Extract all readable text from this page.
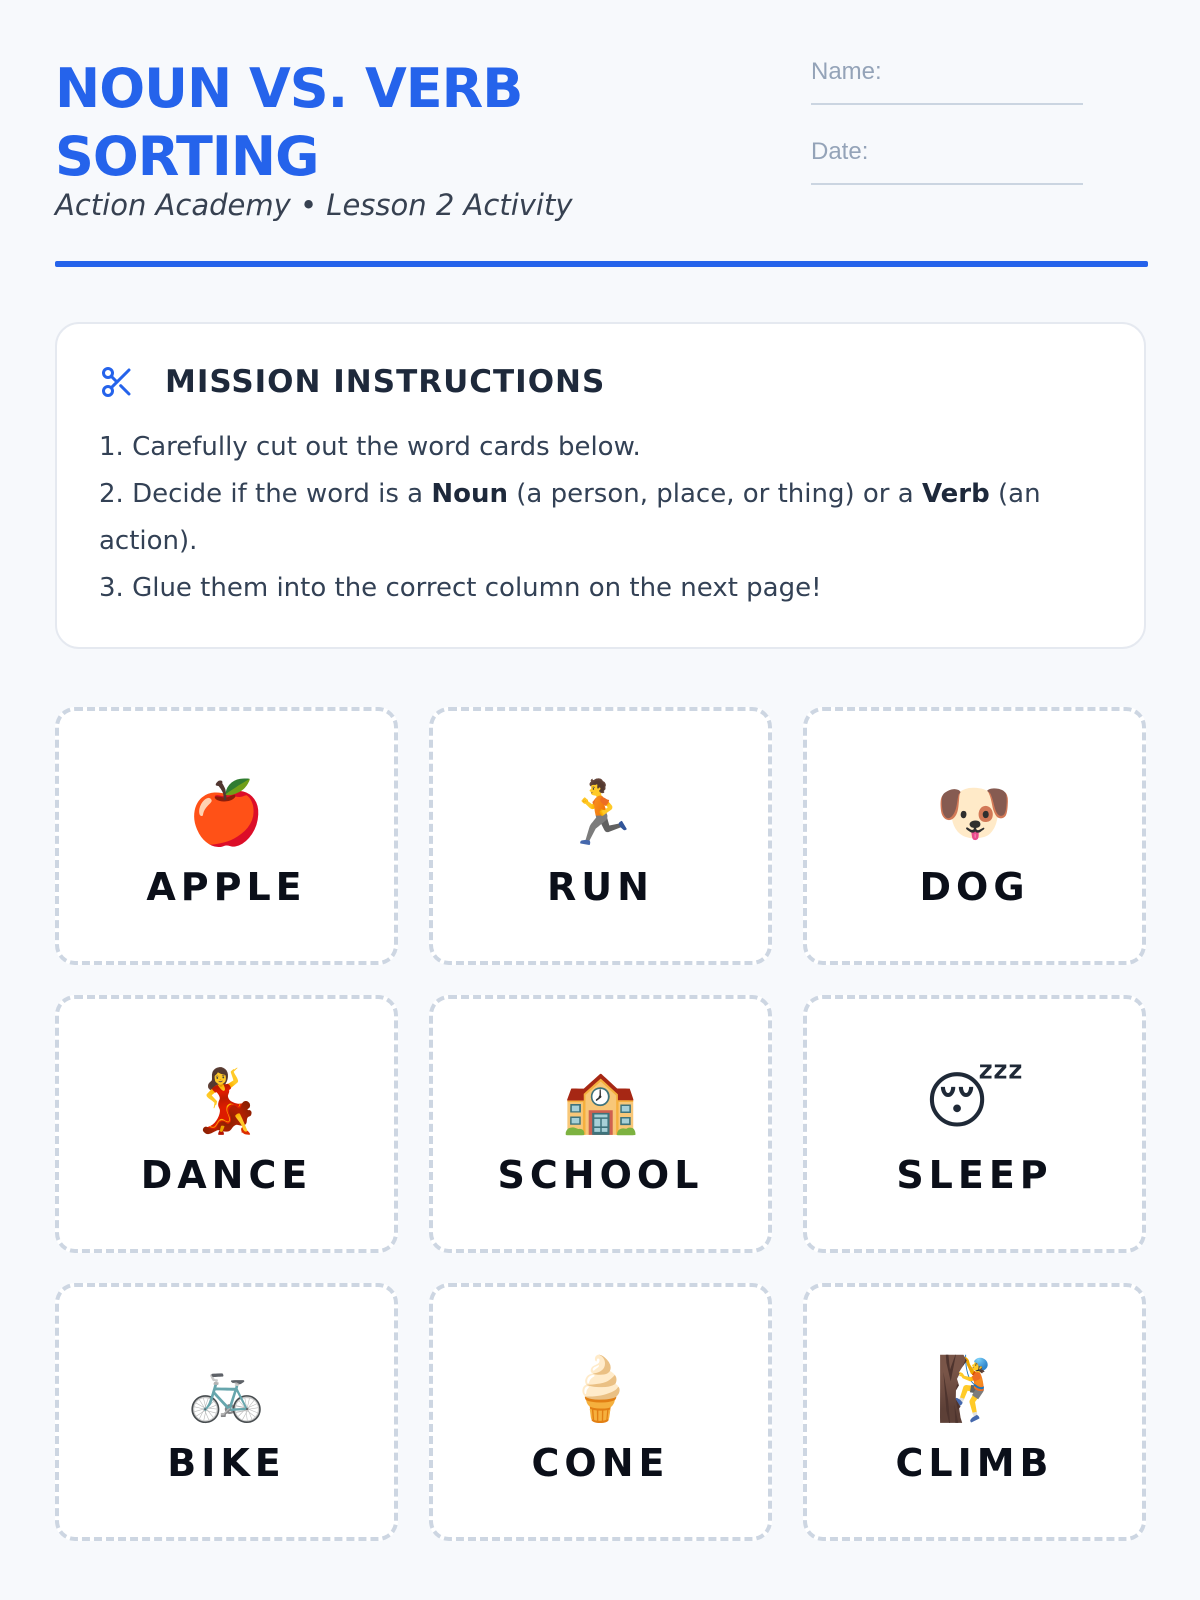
NOUN VS. VERB SORTING
Action Academy • Lesson 2 Activity
Name:
Date:
MISSION INSTRUCTIONS
1. Carefully cut out the word cards below.
2. Decide if the word is a Noun (a person, place, or thing) or a Verb (an action).
3. Glue them into the correct column on the next page!
🍎
APPLE
🏃
RUN
🐶
DOG
💃
DANCE
🏫
SCHOOL
😴
SLEEP
🚲
BIKE
🍦
CONE
🧗
CLIMB
